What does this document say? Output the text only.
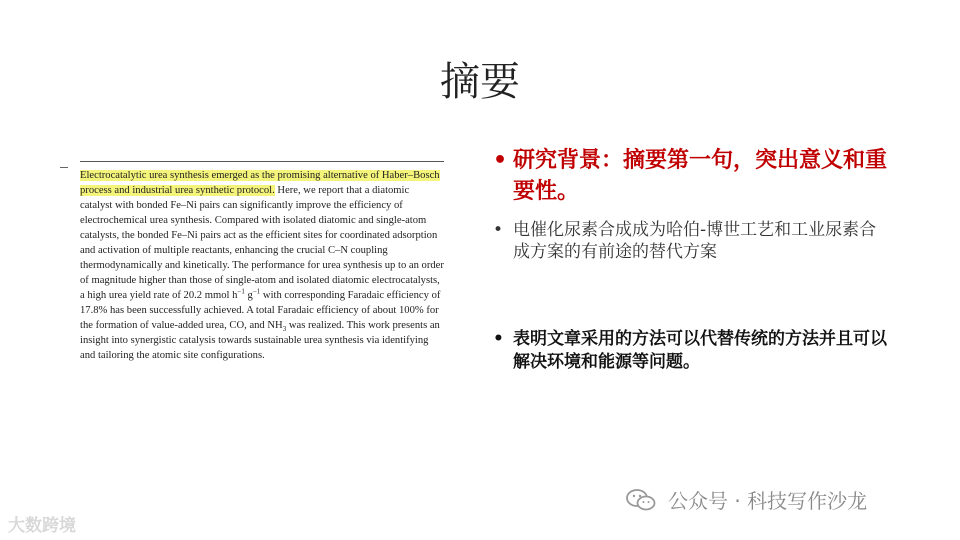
摘要
Electrocatalytic urea synthesis emerged as the promising alternative of Haber–Bosch process and industrial urea synthetic protocol. Here, we report that a diatomic catalyst with bonded Fe–Ni pairs can significantly improve the efficiency of electrochemical urea synthesis. Compared with isolated diatomic and single-atom catalysts, the bonded Fe–Ni pairs act as the efficient sites for coordinated adsorption and activation of multiple reactants, enhancing the crucial C–N coupling thermodynamically and kinetically. The performance for urea synthesis up to an order of magnitude higher than those of single-atom and isolated diatomic electrocatalysts, a high urea yield rate of 20.2 mmol $h^{-1}$ $g^{-1}$ with corresponding Faradaic efficiency of 17.8% has been successfully achieved. A total Faradaic efficiency of about 100% for the formation of value-added urea, CO, and $NH_3$ was realized. This work presents an insight into synergistic catalysis towards sustainable urea synthesis via identifying and tailoring the atomic site configurations.
• 研究背景：摘要第一句，突出意义和重要性。
• 电催化尿素合成成为哈伯-博世工艺和工业尿素合成方案的有前途的替代方案
• 表明文章采用的方法可以代替传统的方法并且可以解决环境和能源等问题。
大数跨境
公众号 · 科技写作沙龙
